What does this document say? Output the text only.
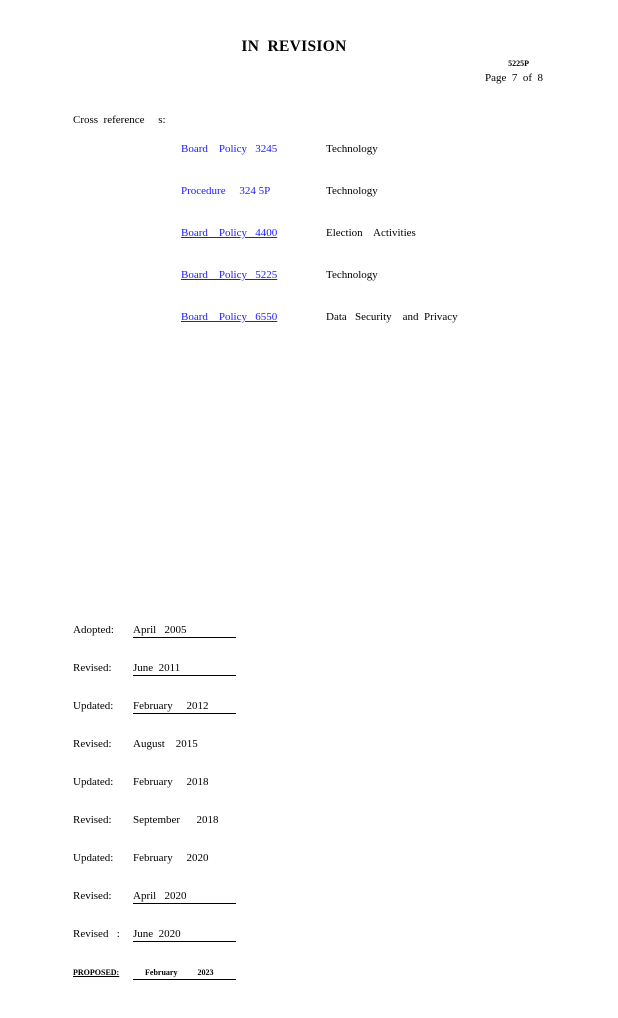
IN  REVISION
5225P
Page  7  of  8
Cross  reference     s:

Board    Policy   3245

Procedure     324 5P

Board    Policy   4400

Board    Policy   5225

Board    Policy   6550

Technology

Technology

Election    Activities

Technology

Data   Security    and  Privacy

Adopted:

April   2005

Revised:

June  2011

Updated:

February     2012

Revised:

August    2015

Updated:

February     2018

Revised:

September      2018

Updated:

February     2020

Revised:

April   2020

Revised   :

June  2020

PROPOSED:

	February          2023
